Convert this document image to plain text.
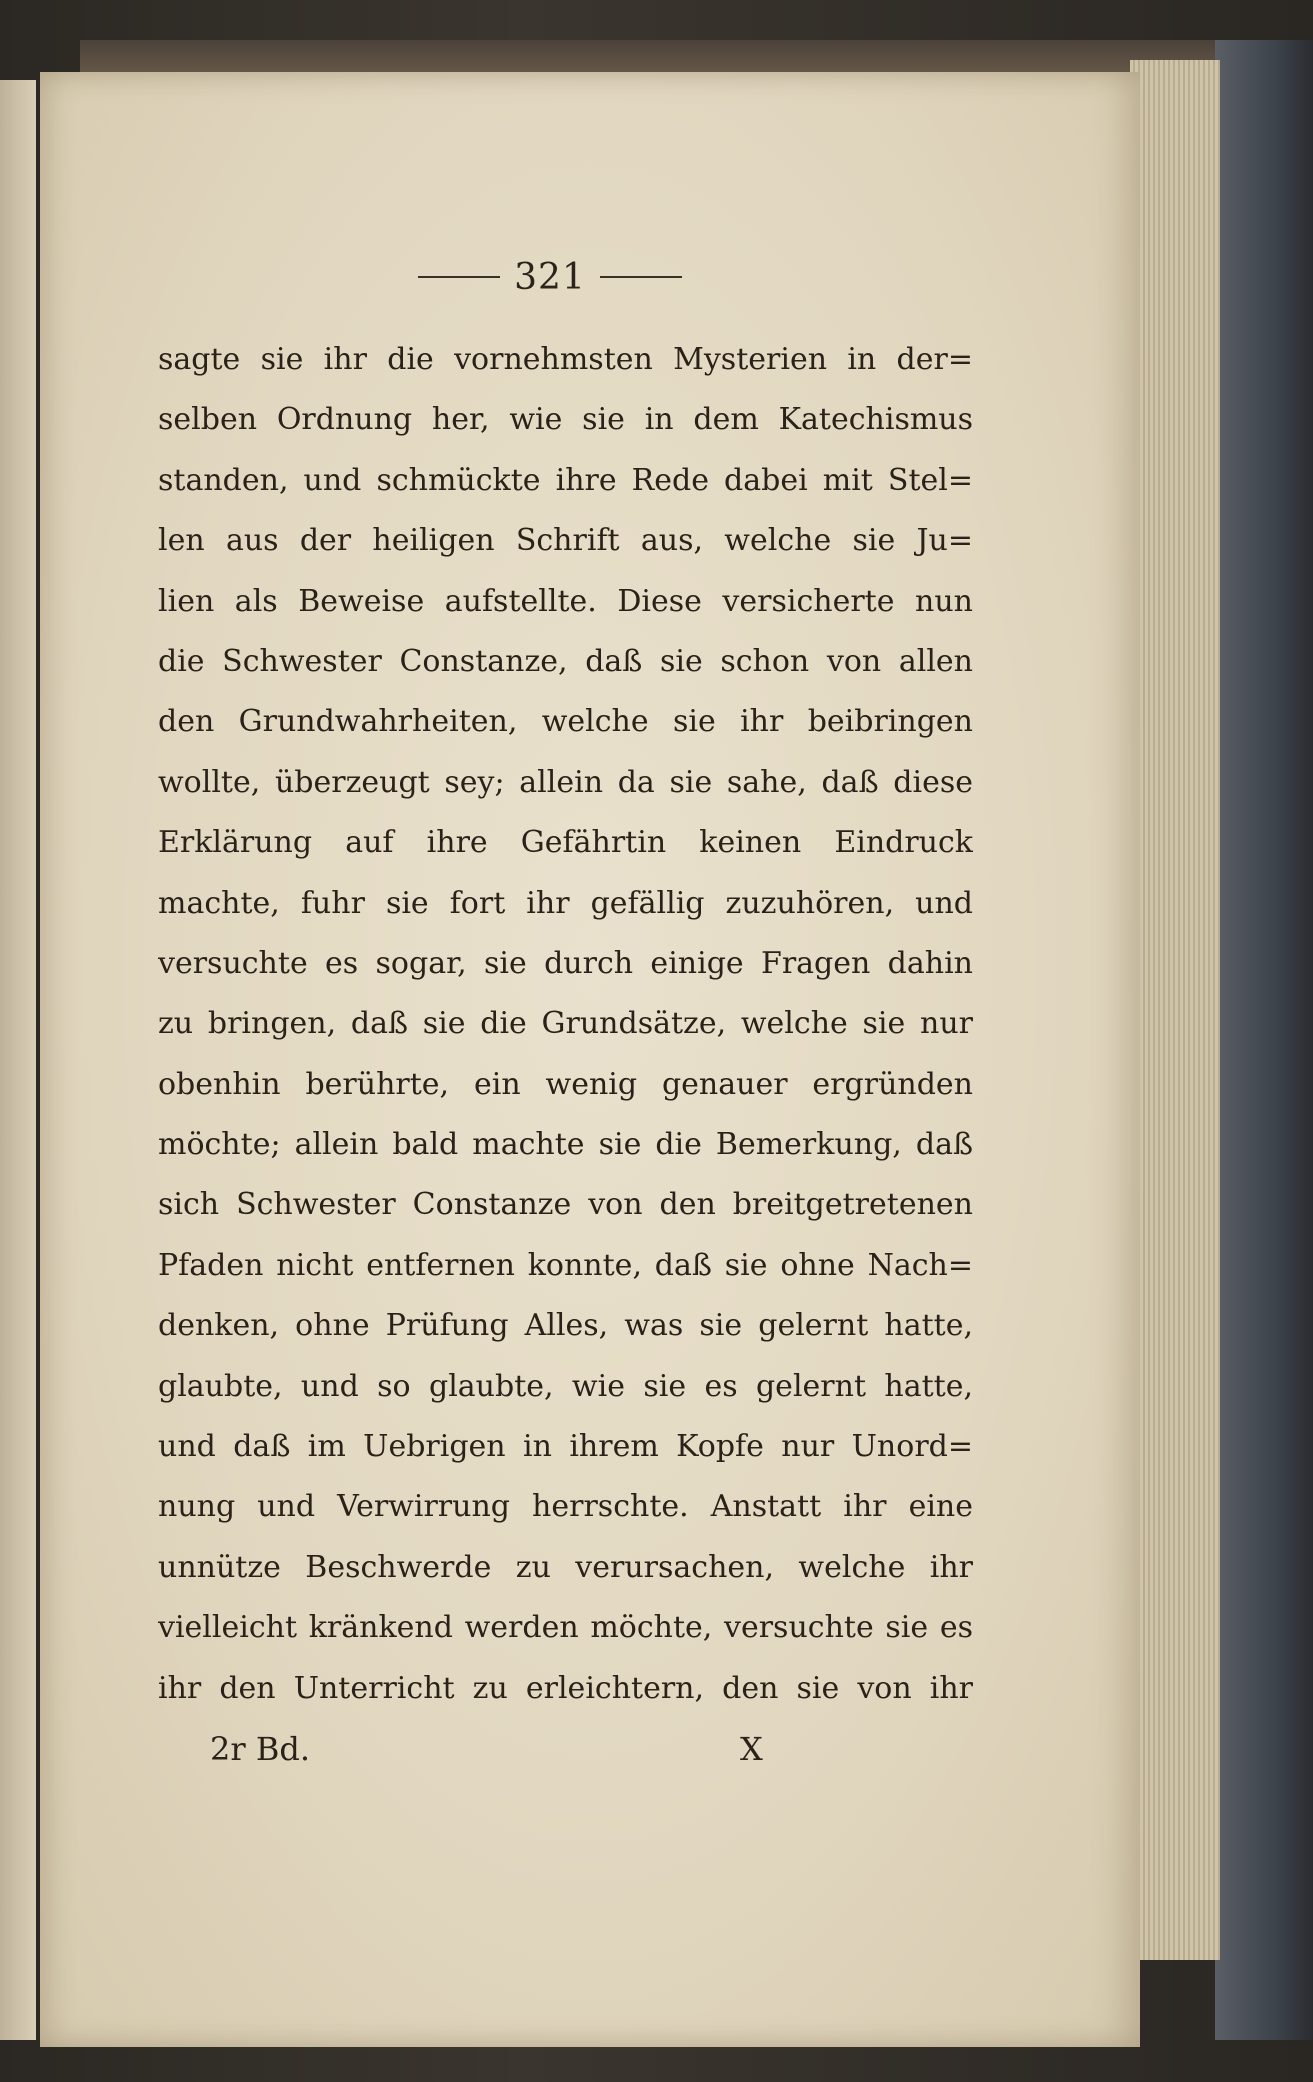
321
sagte sie ihr die vornehmsten Mysterien in der=
selben Ordnung her, wie sie in dem Katechismus
standen, und schmückte ihre Rede dabei mit Stel=
len aus der heiligen Schrift aus, welche sie Ju=
lien als Beweise aufstellte. Diese versicherte nun
die Schwester Constanze, daß sie schon von allen
den Grundwahrheiten, welche sie ihr beibringen
wollte, überzeugt sey; allein da sie sahe, daß diese
Erklärung auf ihre Gefährtin keinen Eindruck
machte, fuhr sie fort ihr gefällig zuzuhören, und
versuchte es sogar, sie durch einige Fragen dahin
zu bringen, daß sie die Grundsätze, welche sie nur
obenhin berührte, ein wenig genauer ergründen
möchte; allein bald machte sie die Bemerkung, daß
sich Schwester Constanze von den breitgetretenen
Pfaden nicht entfernen konnte, daß sie ohne Nach=
denken, ohne Prüfung Alles, was sie gelernt hatte,
glaubte, und so glaubte, wie sie es gelernt hatte,
und daß im Uebrigen in ihrem Kopfe nur Unord=
nung und Verwirrung herrschte. Anstatt ihr eine
unnütze Beschwerde zu verursachen, welche ihr
vielleicht kränkend werden möchte, versuchte sie es
ihr den Unterricht zu erleichtern, den sie von ihr
2r Bd.	X
